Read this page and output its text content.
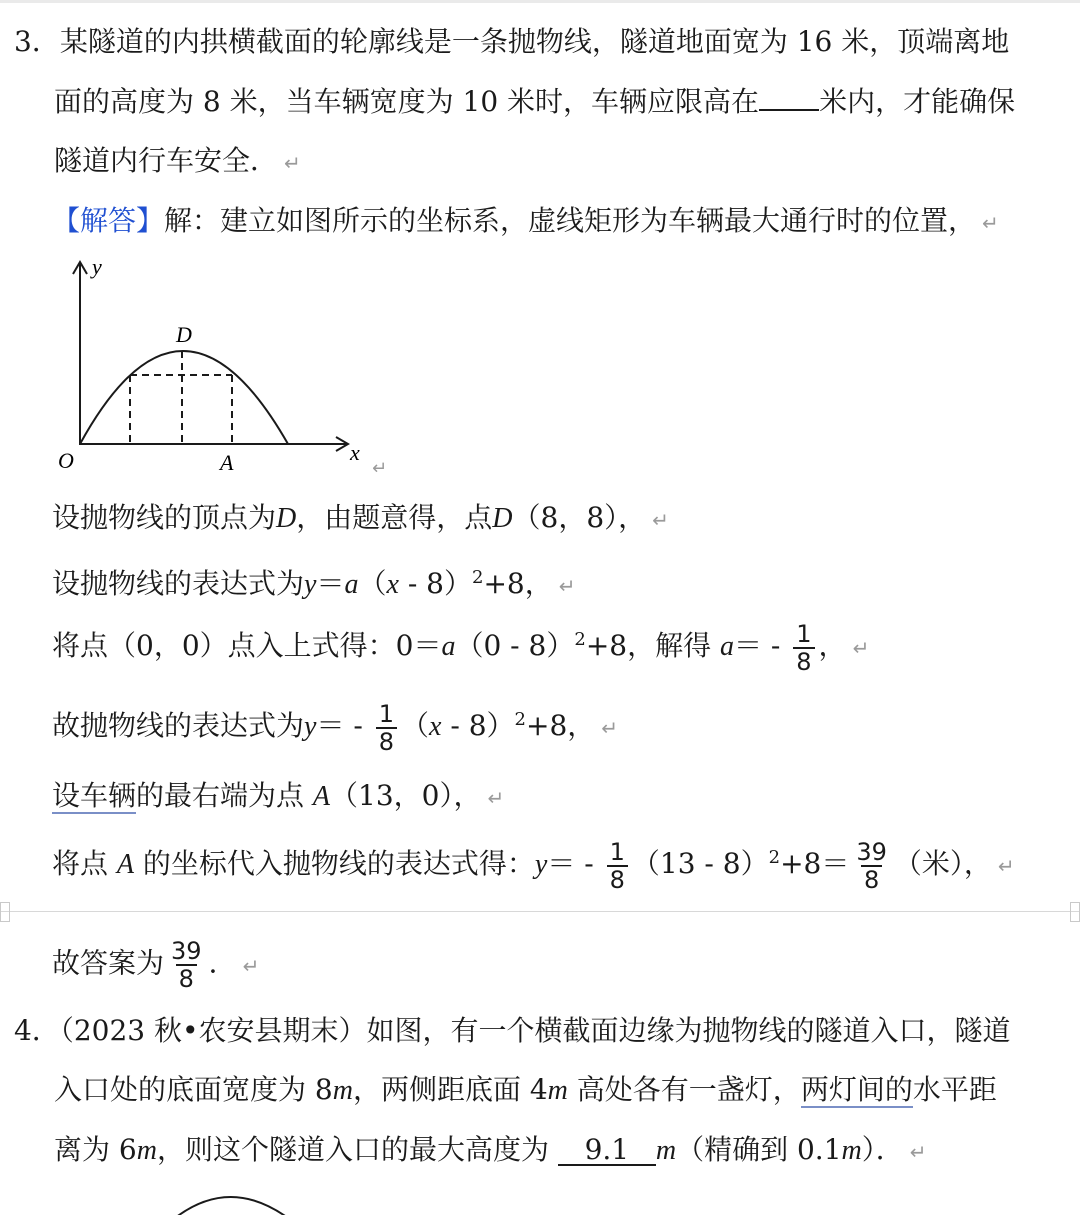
3．某隧道的内拱横截面的轮廓线是一条抛物线，隧道地面宽为 16 米，顶端离地
面的高度为 8 米，当车辆宽度为 10 米时，车辆应限高在 米内，才能确保
隧道内行车安全． ↵
【解答】解：建立如图所示的坐标系，虚线矩形为车辆最大通行时的位置， ↵
y
D
O	A	x
↵
设抛物线的顶点为D，由题意得，点D（8，8）， ↵
设抛物线的表达式为y＝a（x - 8）$^2$+8， ↵
将点（0，0）点入上式得：0＝a（0 - 8）$^2$+8，解得 $a= - \frac{1}{8}$ ， ↵
故抛物线的表达式为$y= - \frac{1}{8} (x - 8)^2+8$， ↵
设车辆的最右端为点 A（13，0）， ↵
将点 A 的坐标代入抛物线的表达式得：$y= - \frac{1}{8} (13 - 8)^2+8= \frac{39}{8}$ （米）， ↵
故答案为 $\frac{39}{8}$ ． ↵
4．（2023 秋•农安县期末）如图，有一个横截面边缘为抛物线的隧道入口，隧道
入口处的底面宽度为 8m，两侧距底面 4m 高处各有一盏灯，两灯间的水平距
离为 6m，则这个隧道入口的最大高度为 9.1 m（精确到 0.1m）． ↵
